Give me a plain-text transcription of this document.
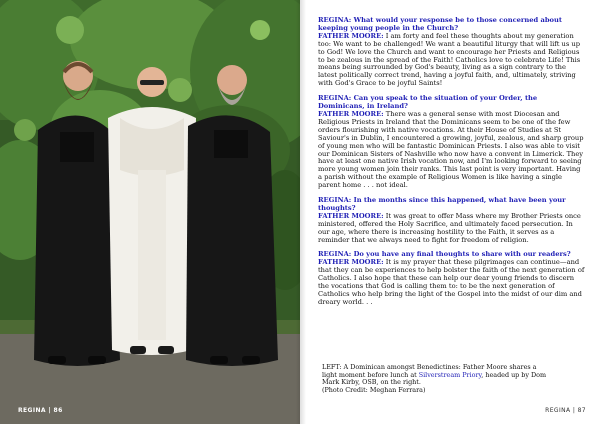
REGINA | 86
REGINA: What would your response be to those concerned about keeping young people in the Church?
FATHER MOORE: I am forty and feel these thoughts about my generation too: We want to be challenged! We want a beautiful liturgy that will lift us up to God! We love the Church and want to encourage her Priests and Religious to be zealous in the spread of the Faith! Catholics love to celebrate Life! This means being surrounded by God's beauty, living as a sign contrary to the latest politically correct trend, having a joyful faith, and, ultimately, striving with God's Grace to be joyful Saints!
REGINA: Can you speak to the situation of your Order, the Dominicans, in Ireland?
FATHER MOORE: There was a general sense with most Diocesan and Religious Priests in Ireland that the Dominicans seem to be one of the few orders flourishing with native vocations. At their House of Studies at St Saviour's in Dublin, I encountered a growing, joyful, zealous, and sharp group of young men who will be fantastic Dominican Priests. I also was able to visit our Dominican Sisters of Nashville who now have a convent in Limerick. They have at least one native Irish vocation now, and I'm looking forward to seeing more young women join their ranks. This last point is very important. Having a parish without the example of Religious Women is like having a single parent home . . . not ideal.
REGINA: In the months since this happened, what have been your thoughts?
FATHER MOORE: It was great to offer Mass where my Brother Priests once ministered, offered the Holy Sacrifice, and ultimately faced persecution. In our age, where there is increasing hostility to the Faith, it serves as a reminder that we always need to fight for freedom of religion.
REGINA: Do you have any final thoughts to share with our readers?
FATHER MOORE: It is my prayer that these pilgrimages can continue—and that they can be experiences to help bolster the faith of the next generation of Catholics. I also hope that these can help our dear young friends to discern the vocations that God is calling them to: to be the next generation of Catholics who help bring the light of the Gospel into the midst of our dim and dreary world. . .
LEFT: A Dominican amongst Benedictines: Father Moore shares a light moment before lunch at Silverstream Priory, headed up by Dom Mark Kirby, OSB, on the right.
(Photo Credit: Meghan Ferrara)
REGINA | 87
